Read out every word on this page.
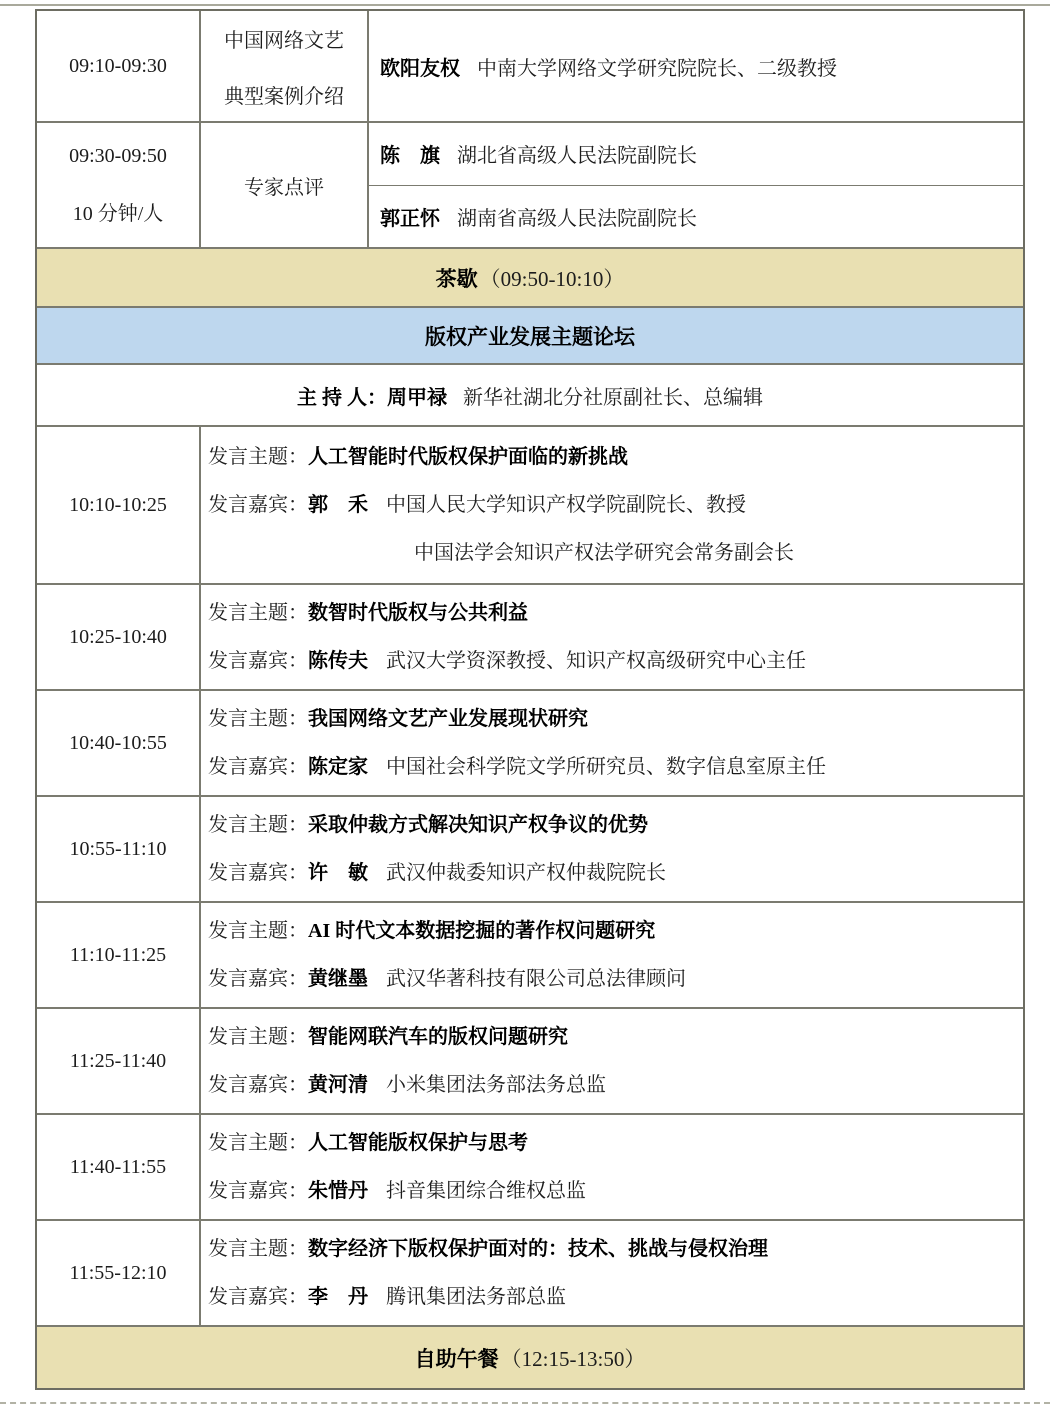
09:10-09:30
中国网络文艺
典型案例介绍
欧阳友权 中南大学网络文学研究院院长、二级教授
09:30-09:50
10 分钟/人
专家点评
陈　旗 湖北省高级人民法院副院长
郭正怀 湖南省高级人民法院副院长
茶歇 （09:50-10:10）
版权产业发展主题论坛
主 持 人： 周甲禄 新华社湖北分社原副社长、总编辑
10:10-10:25
发言主题：人工智能时代版权保护面临的新挑战
发言嘉宾：郭　禾 中国人民大学知识产权学院副院长、教授
中国法学会知识产权法学研究会常务副会长
10:25-10:40
发言主题：数智时代版权与公共利益
发言嘉宾：陈传夫 武汉大学资深教授、知识产权高级研究中心主任
10:40-10:55
发言主题：我国网络文艺产业发展现状研究
发言嘉宾：陈定家 中国社会科学院文学所研究员、数字信息室原主任
10:55-11:10
发言主题：采取仲裁方式解决知识产权争议的优势
发言嘉宾：许　敏 武汉仲裁委知识产权仲裁院院长
11:10-11:25
发言主题：AI 时代文本数据挖掘的著作权问题研究
发言嘉宾：黄继墨 武汉华著科技有限公司总法律顾问
11:25-11:40
发言主题：智能网联汽车的版权问题研究
发言嘉宾：黄河清 小米集团法务部法务总监
11:40-11:55
发言主题：人工智能版权保护与思考
发言嘉宾：朱惜丹 抖音集团综合维权总监
11:55-12:10
发言主题：数字经济下版权保护面对的：技术、挑战与侵权治理
发言嘉宾：李　丹 腾讯集团法务部总监
自助午餐 （12:15-13:50）
